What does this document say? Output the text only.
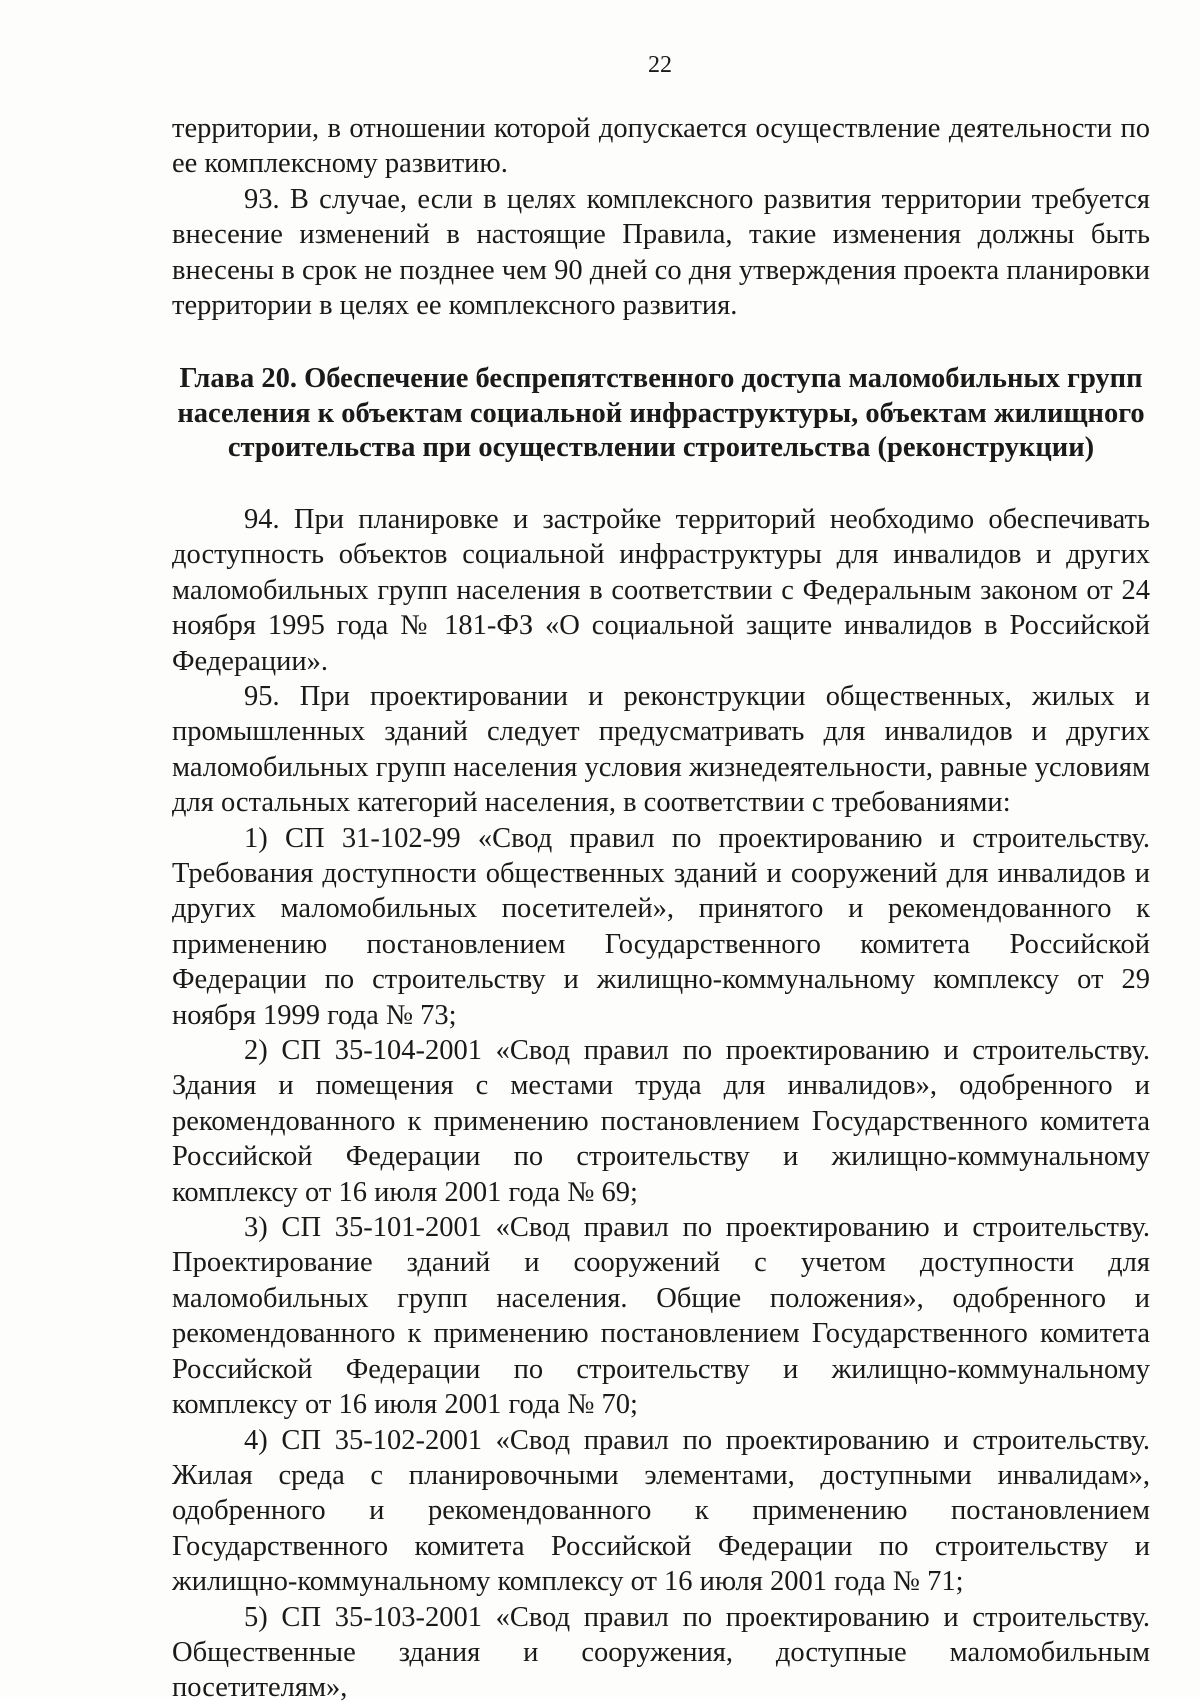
22

территории, в отношении которой допускается осуществление деятельности по ее комплексному развитию.

93. В случае, если в целях комплексного развития территории требуется внесение изменений в настоящие Правила, такие изменения должны быть внесены в срок не позднее чем 90 дней со дня утверждения проекта планировки территории в целях ее комплексного развития.

Глава 20. Обеспечение беспрепятственного доступа маломобильных групп населения к объектам социальной инфраструктуры, объектам жилищного строительства при осуществлении строительства (реконструкции)

94. При планировке и застройке территорий необходимо обеспечивать доступность объектов социальной инфраструктуры для инвалидов и других маломобильных групп населения в соответствии с Федеральным законом от 24 ноября 1995 года № 181-ФЗ «О социальной защите инвалидов в Российской Федерации».

95. При проектировании и реконструкции общественных, жилых и промышленных зданий следует предусматривать для инвалидов и других маломобильных групп населения условия жизнедеятельности, равные условиям для остальных категорий населения, в соответствии с требованиями:

1) СП 31-102-99 «Свод правил по проектированию и строительству. Требования доступности общественных зданий и сооружений для инвалидов и других маломобильных посетителей», принятого и рекомендованного к применению постановлением Государственного комитета Российской Федерации по строительству и жилищно-коммунальному комплексу от 29 ноября 1999 года № 73;

2) СП 35-104-2001 «Свод правил по проектированию и строительству. Здания и помещения с местами труда для инвалидов», одобренного и рекомендованного к применению постановлением Государственного комитета Российской Федерации по строительству и жилищно-коммунальному комплексу от 16 июля 2001 года № 69;

3) СП 35-101-2001 «Свод правил по проектированию и строительству. Проектирование зданий и сооружений с учетом доступности для маломобильных групп населения. Общие положения», одобренного и рекомендованного к применению постановлением Государственного комитета Российской Федерации по строительству и жилищно-коммунальному комплексу от 16 июля 2001 года № 70;

4) СП 35-102-2001 «Свод правил по проектированию и строительству. Жилая среда с планировочными элементами, доступными инвалидам», одобренного и рекомендованного к применению постановлением Государственного комитета Российской Федерации по строительству и жилищно-коммунальному комплексу от 16 июля 2001 года № 71;

5) СП 35-103-2001 «Свод правил по проектированию и строительству. Общественные здания и сооружения, доступные маломобильным посетителям»,
